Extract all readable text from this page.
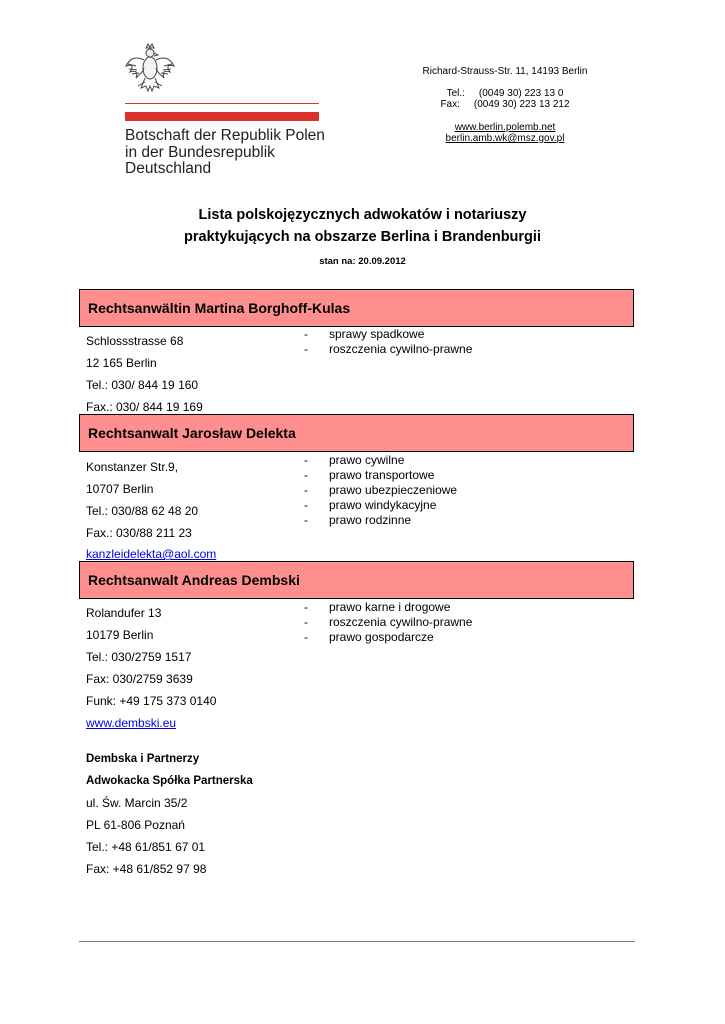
Botschaft der Republik Polen
in der Bundesrepublik
Deutschland
Richard-Strauss-Str. 11, 14193 Berlin
Tel.: (0049 30) 223 13 0
Fax: (0049 30) 223 13 212
www.berlin.polemb.net
berlin.amb.wk@msz.gov.pl
Lista polskojęzycznych adwokatów i notariuszy
praktykujących na obszarze Berlina i Brandenburgii
stan na: 20.09.2012
Rechtsanwältin Martina Borghoff-Kulas
Schlossstrasse 68
12 165 Berlin
Tel.: 030/ 844 19 160
Fax.: 030/ 844 19 169
-	sprawy spadkowe
-	roszczenia cywilno-prawne
Rechtsanwalt Jarosław Delekta
Konstanzer Str.9,
10707 Berlin
Tel.: 030/88 62 48 20
Fax.: 030/88 211 23
kanzleidelekta@aol.com
-	prawo cywilne
-	prawo transportowe
-	prawo ubezpieczeniowe
-	prawo windykacyjne
-	prawo rodzinne
Rechtsanwalt Andreas Dembski
Rolandufer 13
10179 Berlin
Tel.: 030/2759 1517
Fax: 030/2759 3639
Funk: +49 175 373 0140
www.dembski.eu
-	prawo karne i drogowe
-	roszczenia cywilno-prawne
-	prawo gospodarcze
Dembska i Partnerzy
Adwokacka Spółka Partnerska
ul. Św. Marcin 35/2
PL 61-806 Poznań
Tel.: +48 61/851 67 01
Fax: +48 61/852 97 98
